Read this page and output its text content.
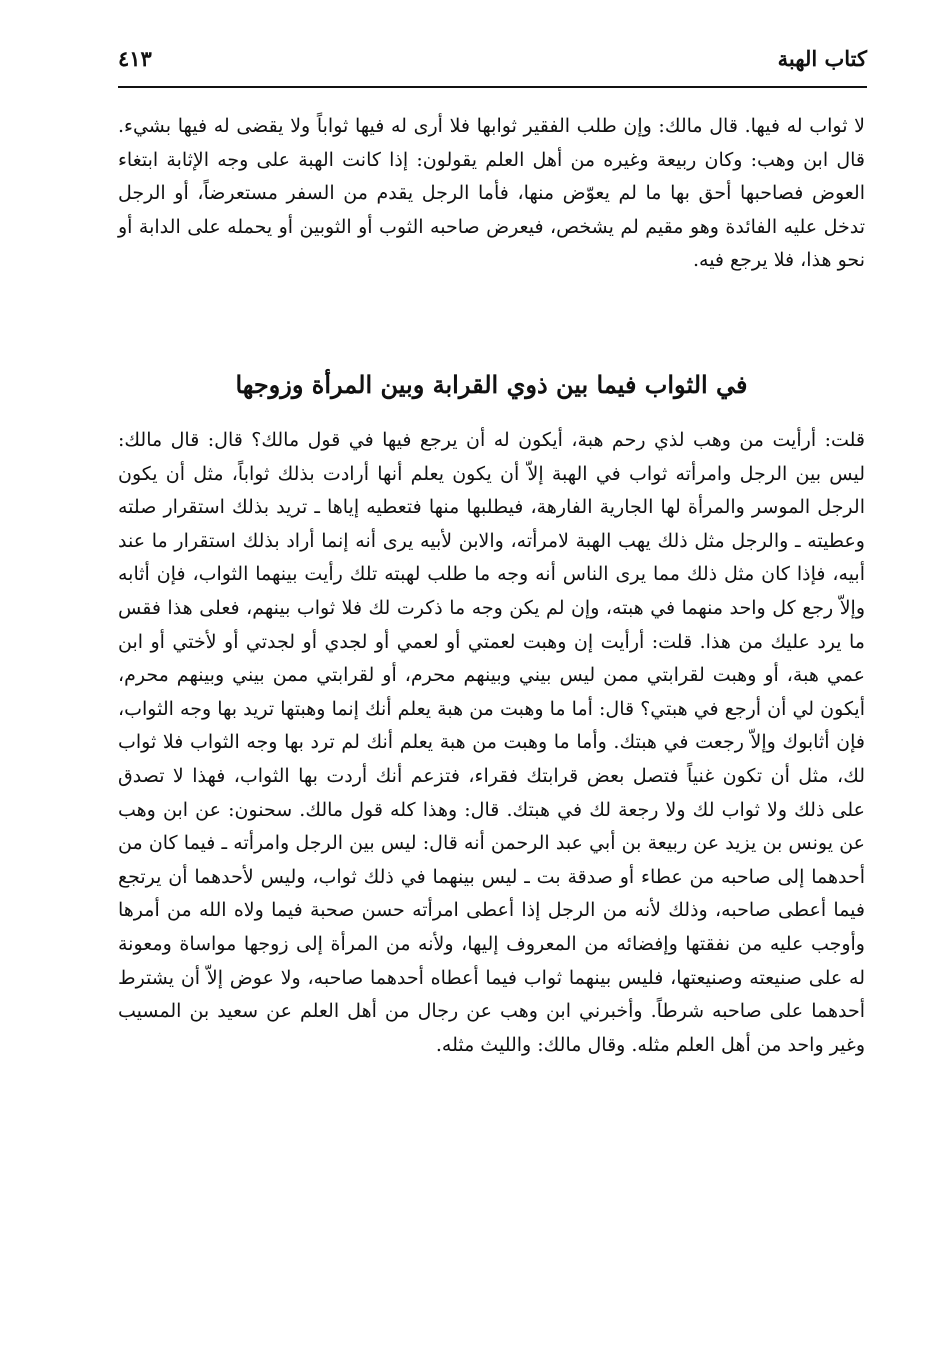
كتاب الهبة
٤١٣

لا ثواب له فيها. قال مالك: وإن طلب الفقير ثوابها فلا أرى له فيها ثواباً ولا يقضى له فيها بشيء. قال ابن وهب: وكان ربيعة وغيره من أهل العلم يقولون: إذا كانت الهبة على وجه الإثابة ابتغاء العوض فصاحبها أحق بها ما لم يعوّض منها، فأما الرجل يقدم من السفر مستعرضاً، أو الرجل تدخل عليه الفائدة وهو مقيم لم يشخص، فيعرض صاحبه الثوب أو الثوبين أو يحمله على الدابة أو نحو هذا، فلا يرجع فيه.

في الثواب فيما بين ذوي القرابة وبين المرأة وزوجها

قلت: أرأيت من وهب لذي رحم هبة، أيكون له أن يرجع فيها في قول مالك؟ قال: قال مالك: ليس بين الرجل وامرأته ثواب في الهبة إلاّ أن يكون يعلم أنها أرادت بذلك ثواباً، مثل أن يكون الرجل الموسر والمرأة لها الجارية الفارهة، فيطلبها منها فتعطيه إياها ـ تريد بذلك استقرار صلته وعطيته ـ والرجل مثل ذلك يهب الهبة لامرأته، والابن لأبيه يرى أنه إنما أراد بذلك استقرار ما عند أبيه، فإذا كان مثل ذلك مما يرى الناس أنه وجه ما طلب لهبته تلك رأيت بينهما الثواب، فإن أثابه وإلاّ رجع كل واحد منهما في هبته، وإن لم يكن وجه ما ذكرت لك فلا ثواب بينهم، فعلى هذا فقس ما يرد عليك من هذا. قلت: أرأيت إن وهبت لعمتي أو لعمي أو لجدي أو لجدتي أو لأختي أو ابن عمي هبة، أو وهبت لقرابتي ممن ليس بيني وبينهم محرم، أو لقرابتي ممن بيني وبينهم محرم، أيكون لي أن أرجع في هبتي؟ قال: أما ما وهبت من هبة يعلم أنك إنما وهبتها تريد بها وجه الثواب، فإن أثابوك وإلاّ رجعت في هبتك. وأما ما وهبت من هبة يعلم أنك لم ترد بها وجه الثواب فلا ثواب لك، مثل أن تكون غنياً فتصل بعض قرابتك فقراء، فتزعم أنك أردت بها الثواب، فهذا لا تصدق على ذلك ولا ثواب لك ولا رجعة لك في هبتك. قال: وهذا كله قول مالك. سحنون: عن ابن وهب عن يونس بن يزيد عن ربيعة بن أبي عبد الرحمن أنه قال: ليس بين الرجل وامرأته ـ فيما كان من أحدهما إلى صاحبه من عطاء أو صدقة بت ـ ليس بينهما في ذلك ثواب، وليس لأحدهما أن يرتجع فيما أعطى صاحبه، وذلك لأنه من الرجل إذا أعطى امرأته حسن صحبة فيما ولاه الله من أمرها وأوجب عليه من نفقتها وإفضائه من المعروف إليها، ولأنه من المرأة إلى زوجها مواساة ومعونة له على صنيعته وصنيعتها، فليس بينهما ثواب فيما أعطاه أحدهما صاحبه، ولا عوض إلاّ أن يشترط أحدهما على صاحبه شرطاً. وأخبرني ابن وهب عن رجال من أهل العلم عن سعيد بن المسيب وغير واحد من أهل العلم مثله. وقال مالك: والليث مثله.
